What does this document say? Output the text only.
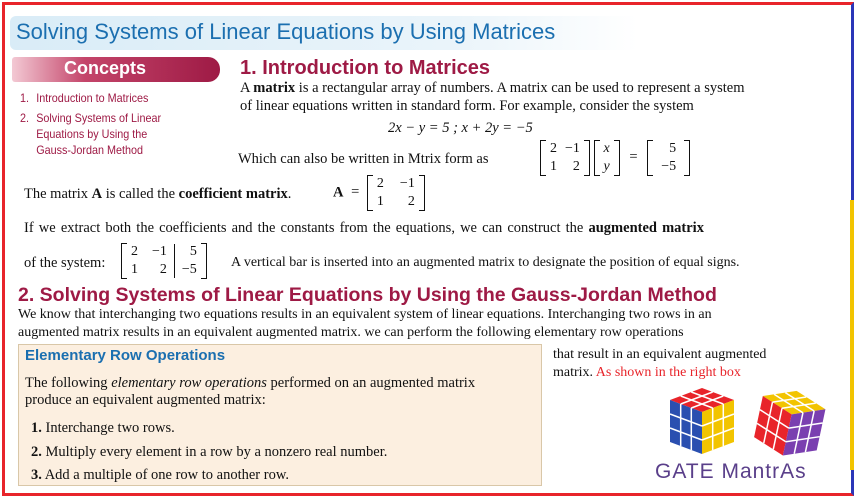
Solving Systems of Linear Equations by Using Matrices
Concepts
1. Introduction to Matrices
2. Solving Systems of Linear Equations by Using the Gauss-Jordan Method
1. Introduction to Matrices
A matrix is a rectangular array of numbers. A matrix can be used to represent a system
of linear equations written in standard form. For example, consider the system
2x − y = 5 ; x + 2y = −5
Which can also be written in Mtrix form as
2
1
−1
2

x
y
=
5
−5
The matrix A is called the coefficient matrix.	A =
2
1
−1
2
If we extract both the coefficients and the constants from the equations, we can construct the augmented matrix
of the system:
2
1
−1
2
5
−5 A vertical bar is inserted into an augmented matrix to designate the position of equal signs.
2. Solving Systems of Linear Equations by Using the Gauss-Jordan Method
We know that interchanging two equations results in an equivalent system of linear equations. Interchanging two rows in an
augmented matrix results in an equivalent augmented matrix. we can perform the following elementary row operations
that result in an equivalent augmented
matrix. As shown in the right box
Elementary Row Operations
The following elementary row operations performed on an augmented matrix
produce an equivalent augmented matrix:
1. Interchange two rows.
2. Multiply every element in a row by a nonzero real number.
3. Add a multiple of one row to another row.	GATE MantrAs
